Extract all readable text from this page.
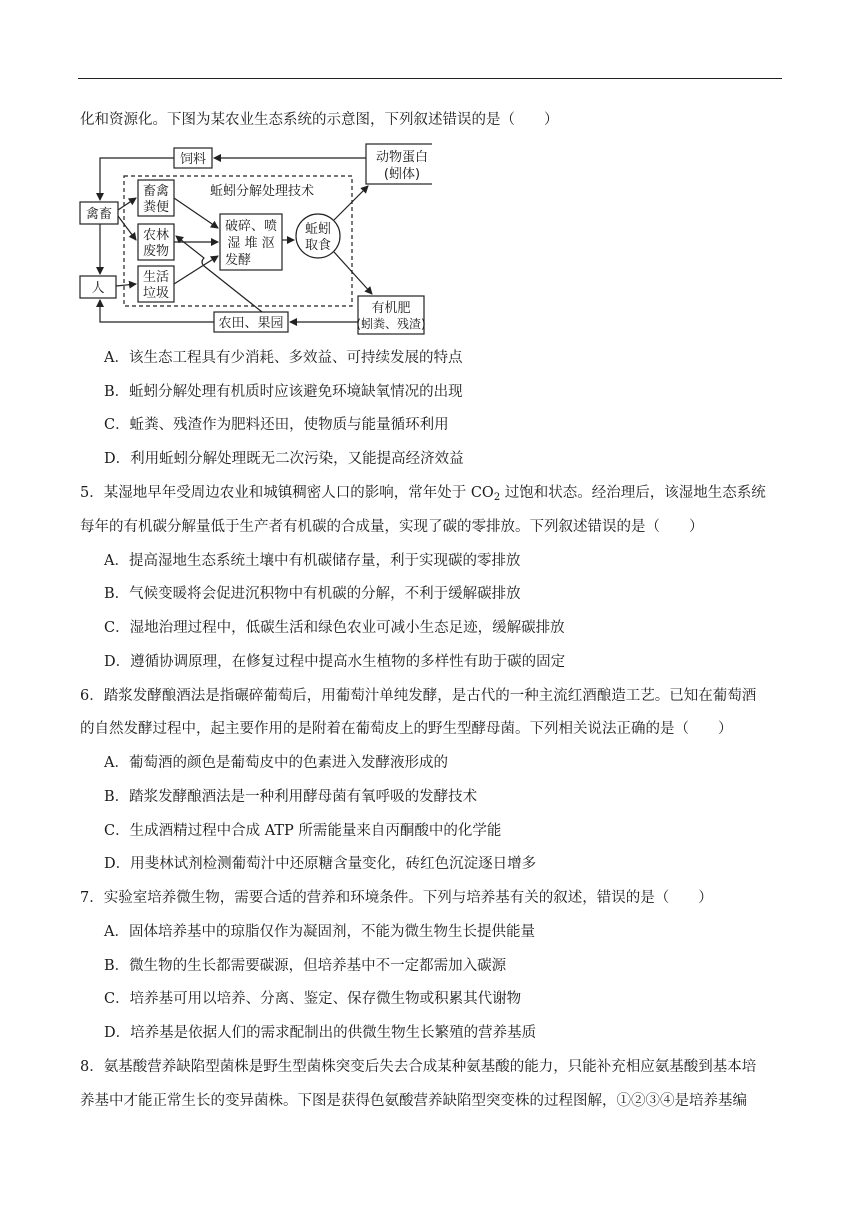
化和资源化。下图为某农业生态系统的示意图，下列叙述错误的是（　　）
饲料	动物蛋白
(蚓体)
蚯蚓分解处理技术
禽畜
畜禽
粪便
农林
废物
生活
垃圾
破碎、喷
湿 堆 沤
发酵
蚯蚓
取食
人
有机肥
(蚓粪、残渣)
农田、果园
A．该生态工程具有少消耗、多效益、可持续发展的特点
B．蚯蚓分解处理有机质时应该避免环境缺氧情况的出现
C．蚯粪、残渣作为肥料还田，使物质与能量循环利用
D．利用蚯蚓分解处理既无二次污染，又能提高经济效益
5．某湿地早年受周边农业和城镇稠密人口的影响，常年处于 $CO_2$ 过饱和状态。经治理后，该湿地生态系统
每年的有机碳分解量低于生产者有机碳的合成量，实现了碳的零排放。下列叙述错误的是（　　）
A．提高湿地生态系统土壤中有机碳储存量，利于实现碳的零排放
B．气候变暖将会促进沉积物中有机碳的分解，不利于缓解碳排放
C．湿地治理过程中，低碳生活和绿色农业可减小生态足迹，缓解碳排放
D．遵循协调原理，在修复过程中提高水生植物的多样性有助于碳的固定
6．踏浆发酵酿酒法是指碾碎葡萄后，用葡萄汁单纯发酵，是古代的一种主流红酒酿造工艺。已知在葡萄酒
的自然发酵过程中，起主要作用的是附着在葡萄皮上的野生型酵母菌。下列相关说法正确的是（　　）
A．葡萄酒的颜色是葡萄皮中的色素进入发酵液形成的
B．踏浆发酵酿酒法是一种利用酵母菌有氧呼吸的发酵技术
C．生成酒精过程中合成 ATP 所需能量来自丙酮酸中的化学能
D．用斐林试剂检测葡萄汁中还原糖含量变化，砖红色沉淀逐日增多
7．实验室培养微生物，需要合适的营养和环境条件。下列与培养基有关的叙述，错误的是（　　）
A．固体培养基中的琼脂仅作为凝固剂，不能为微生物生长提供能量
B．微生物的生长都需要碳源，但培养基中不一定都需加入碳源
C．培养基可用以培养、分离、鉴定、保存微生物或积累其代谢物
D．培养基是依据人们的需求配制出的供微生物生长繁殖的营养基质
8．氨基酸营养缺陷型菌株是野生型菌株突变后失去合成某种氨基酸的能力，只能补充相应氨基酸到基本培
养基中才能正常生长的变异菌株。下图是获得色氨酸营养缺陷型突变株的过程图解，①②③④是培养基编
